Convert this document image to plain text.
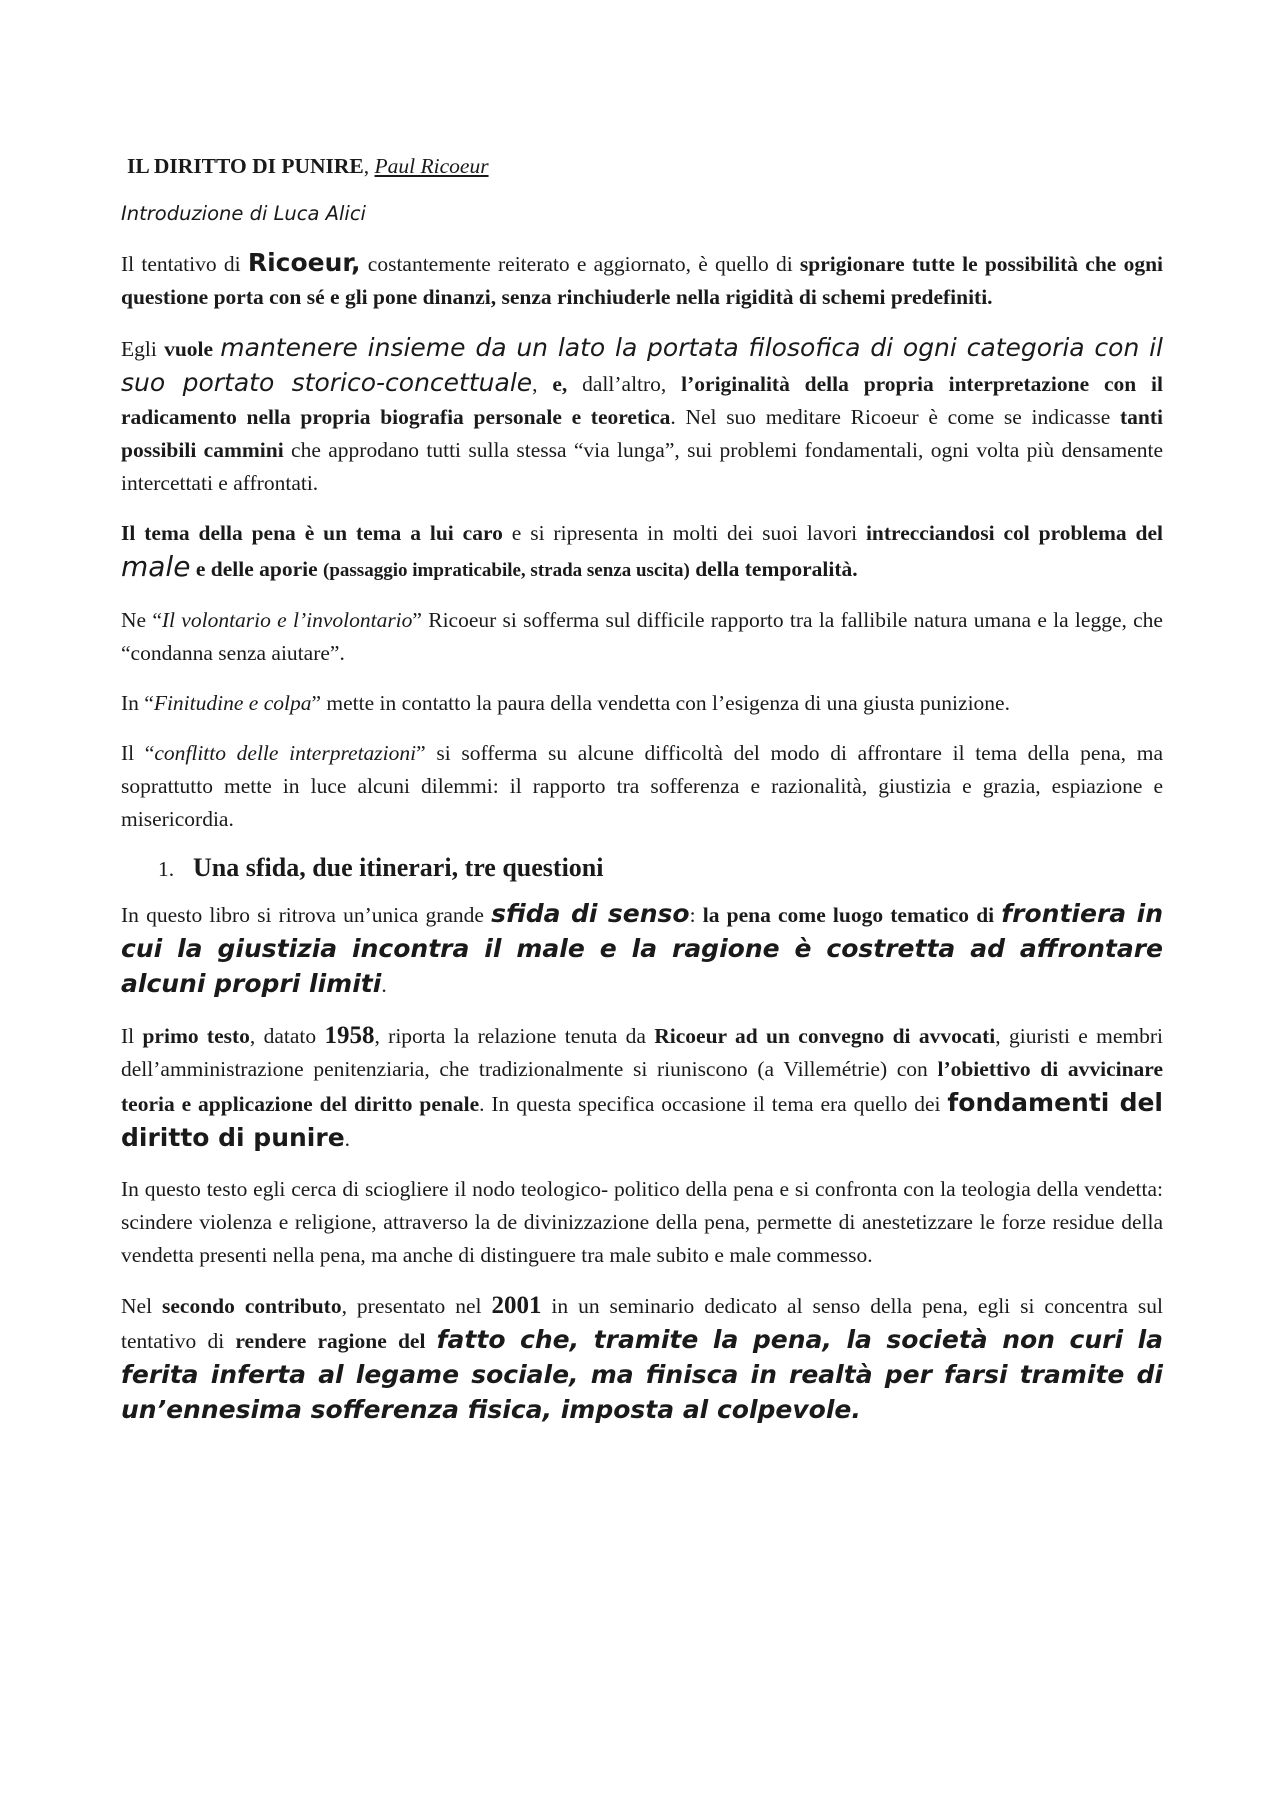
IL DIRITTO DI PUNIRE, Paul Ricoeur

Introduzione di Luca Alici

Il tentativo di Ricoeur, costantemente reiterato e aggiornato, è quello di sprigionare tutte le possibilità che ogni questione porta con sé e gli pone dinanzi, senza rinchiuderle nella rigidità di schemi predefiniti.

Egli vuole mantenere insieme da un lato la portata filosofica di ogni categoria con il suo portato storico-concettuale, e, dall’altro, l’originalità della propria interpretazione con il radicamento nella propria biografia personale e teoretica. Nel suo meditare Ricoeur è come se indicasse tanti possibili cammini che approdano tutti sulla stessa “via lunga”, sui problemi fondamentali, ogni volta più densamente intercettati e affrontati.

Il tema della pena è un tema a lui caro e si ripresenta in molti dei suoi lavori intrecciandosi col problema del male e delle aporie (passaggio impraticabile, strada senza uscita) della temporalità.

Ne “Il volontario e l’involontario” Ricoeur si sofferma sul difficile rapporto tra la fallibile natura umana e la legge, che “condanna senza aiutare”.

In “Finitudine e colpa” mette in contatto la paura della vendetta con l’esigenza di una giusta punizione.

Il “conflitto delle interpretazioni” si sofferma su alcune difficoltà del modo di affrontare il tema della pena, ma soprattutto mette in luce alcuni dilemmi: il rapporto tra sofferenza e razionalità, giustizia e grazia, espiazione e misericordia.

1. Una sfida, due itinerari, tre questioni

In questo libro si ritrova un’unica grande sfida di senso: la pena come luogo tematico di frontiera in cui la giustizia incontra il male e la ragione è costretta ad affrontare alcuni propri limiti.

Il primo testo, datato 1958, riporta la relazione tenuta da Ricoeur ad un convegno di avvocati, giuristi e membri dell’amministrazione penitenziaria, che tradizionalmente si riuniscono (a Villemétrie) con l’obiettivo di avvicinare teoria e applicazione del diritto penale. In questa specifica occasione il tema era quello dei fondamenti del diritto di punire.

In questo testo egli cerca di sciogliere il nodo teologico- politico della pena e si confronta con la teologia della vendetta: scindere violenza e religione, attraverso la de divinizzazione della pena, permette di anestetizzare le forze residue della vendetta presenti nella pena, ma anche di distinguere tra male subito e male commesso.

Nel secondo contributo, presentato nel 2001 in un seminario dedicato al senso della pena, egli si concentra sul tentativo di rendere ragione del fatto che, tramite la pena, la società non curi la ferita inferta al legame sociale, ma finisca in realtà per farsi tramite di un’ennesima sofferenza fisica, imposta al colpevole.
